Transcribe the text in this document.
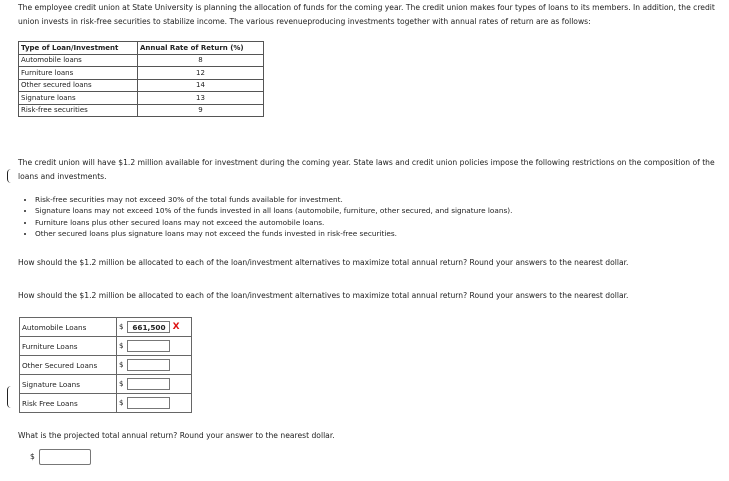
The employee credit union at State University is planning the allocation of funds for the coming year. The credit union makes four types of loans to its members. In addition, the credit union invests in risk-free securities to stabilize income. The various revenueproducing investments together with annual rates of return are as follows:

Type of Loan/Investment	Annual Rate of Return (%)
Automobile loans	8
Furniture loans	12
Other secured loans	14
Signature loans	13
Risk-free securities	9

The credit union will have $1.2 million available for investment during the coming year. State laws and credit union policies impose the following restrictions on the composition of the loans and investments.

• Risk-free securities may not exceed 30% of the total funds available for investment.
• Signature loans may not exceed 10% of the funds invested in all loans (automobile, furniture, other secured, and signature loans).
• Furniture loans plus other secured loans may not exceed the automobile loans.
• Other secured loans plus signature loans may not exceed the funds invested in risk-free securities.

How should the $1.2 million be allocated to each of the loan/investment alternatives to maximize total annual return? Round your answers to the nearest dollar.

How should the $1.2 million be allocated to each of the loan/investment alternatives to maximize total annual return? Round your answers to the nearest dollar.

Automobile Loans	$ 661,500 X
Furniture Loans	$
Other Secured Loans	$
Signature Loans	$
Risk Free Loans	$

What is the projected total annual return? Round your answer to the nearest dollar.

$
